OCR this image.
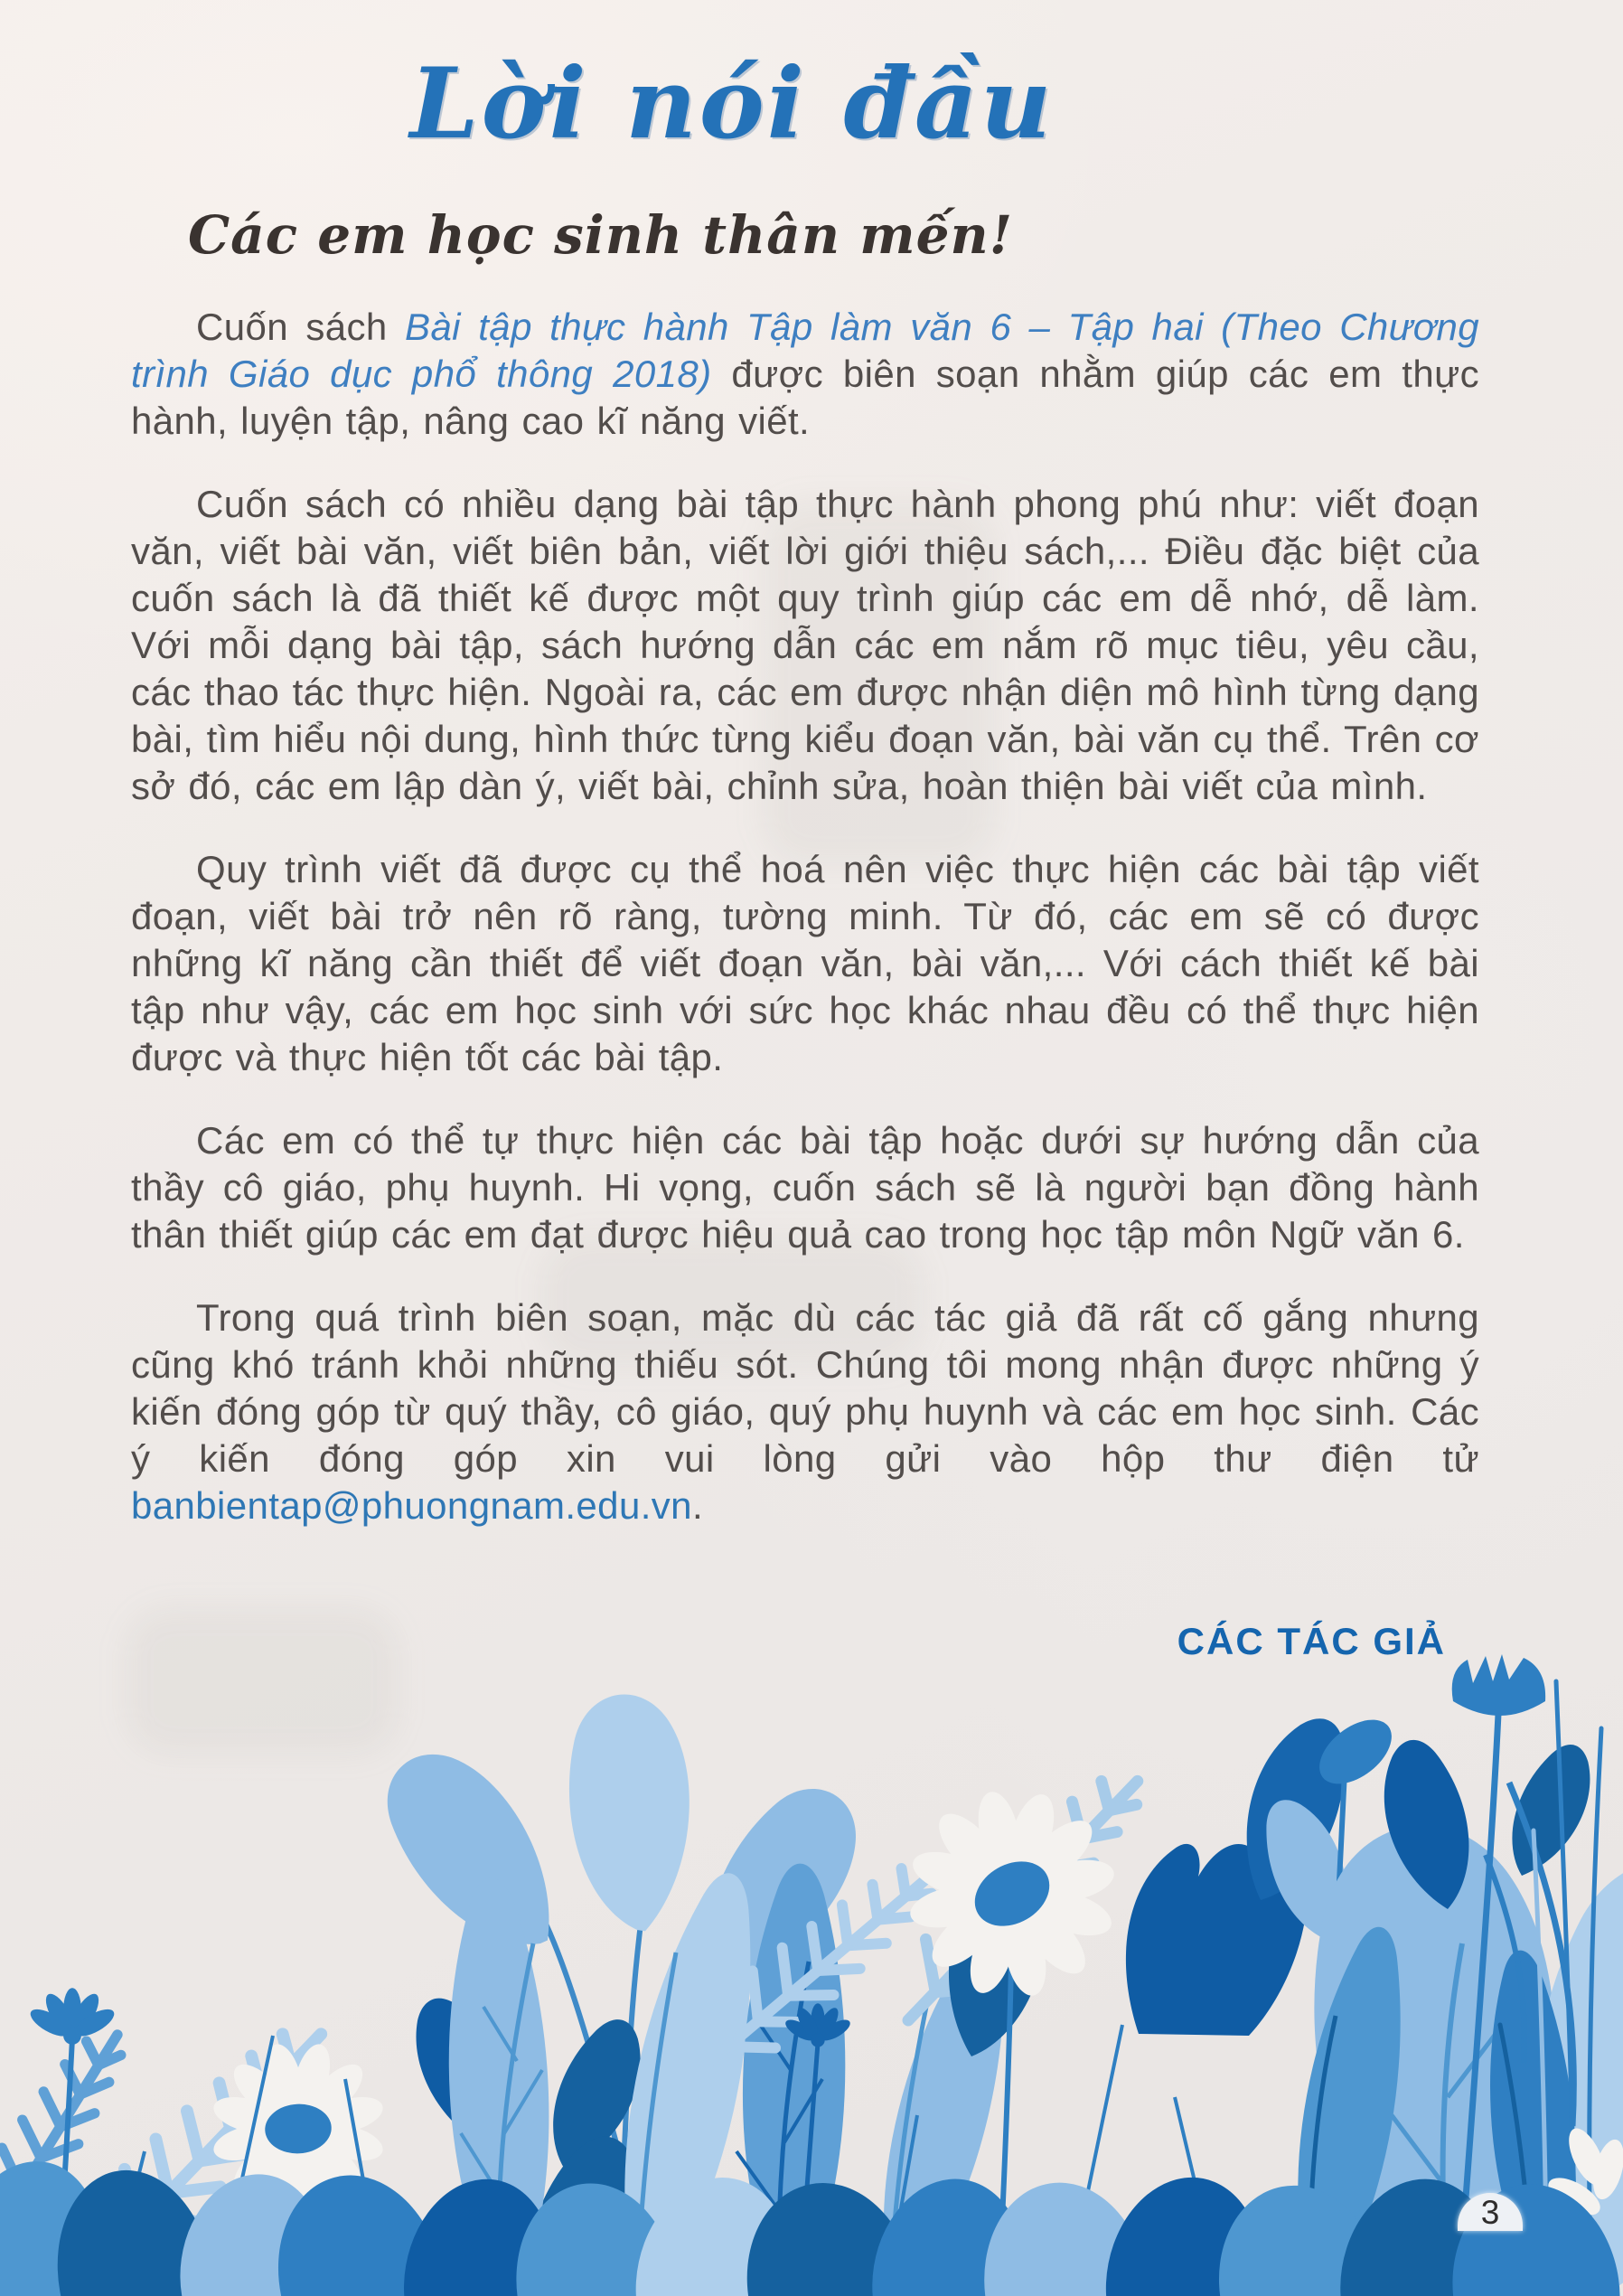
Lời nói đầu
Các em học sinh thân mến!

Cuốn sách Bài tập thực hành Tập làm văn 6 – Tập hai (Theo Chương trình Giáo dục phổ thông 2018) được biên soạn nhằm giúp các em thực hành, luyện tập, nâng cao kĩ năng viết.

Cuốn sách có nhiều dạng bài tập thực hành phong phú như: viết đoạn văn, viết bài văn, viết biên bản, viết lời giới thiệu sách,... Điều đặc biệt của cuốn sách là đã thiết kế được một quy trình giúp các em dễ nhớ, dễ làm. Với mỗi dạng bài tập, sách hướng dẫn các em nắm rõ mục tiêu, yêu cầu, các thao tác thực hiện. Ngoài ra, các em được nhận diện mô hình từng dạng bài, tìm hiểu nội dung, hình thức từng kiểu đoạn văn, bài văn cụ thể. Trên cơ sở đó, các em lập dàn ý, viết bài, chỉnh sửa, hoàn thiện bài viết của mình.

Quy trình viết đã được cụ thể hoá nên việc thực hiện các bài tập viết đoạn, viết bài trở nên rõ ràng, tường minh. Từ đó, các em sẽ có được những kĩ năng cần thiết để viết đoạn văn, bài văn,... Với cách thiết kế bài tập như vậy, các em học sinh với sức học khác nhau đều có thể thực hiện được và thực hiện tốt các bài tập.

Các em có thể tự thực hiện các bài tập hoặc dưới sự hướng dẫn của thầy cô giáo, phụ huynh. Hi vọng, cuốn sách sẽ là người bạn đồng hành thân thiết giúp các em đạt được hiệu quả cao trong học tập môn Ngữ văn 6.

Trong quá trình biên soạn, mặc dù các tác giả đã rất cố gắng nhưng cũng khó tránh khỏi những thiếu sót. Chúng tôi mong nhận được những ý kiến đóng góp từ quý thầy, cô giáo, quý phụ huynh và các em học sinh. Các ý kiến đóng góp xin vui lòng gửi vào hộp thư điện tử banbientap@phuongnam.edu.vn.

CÁC TÁC GIẢ
3
